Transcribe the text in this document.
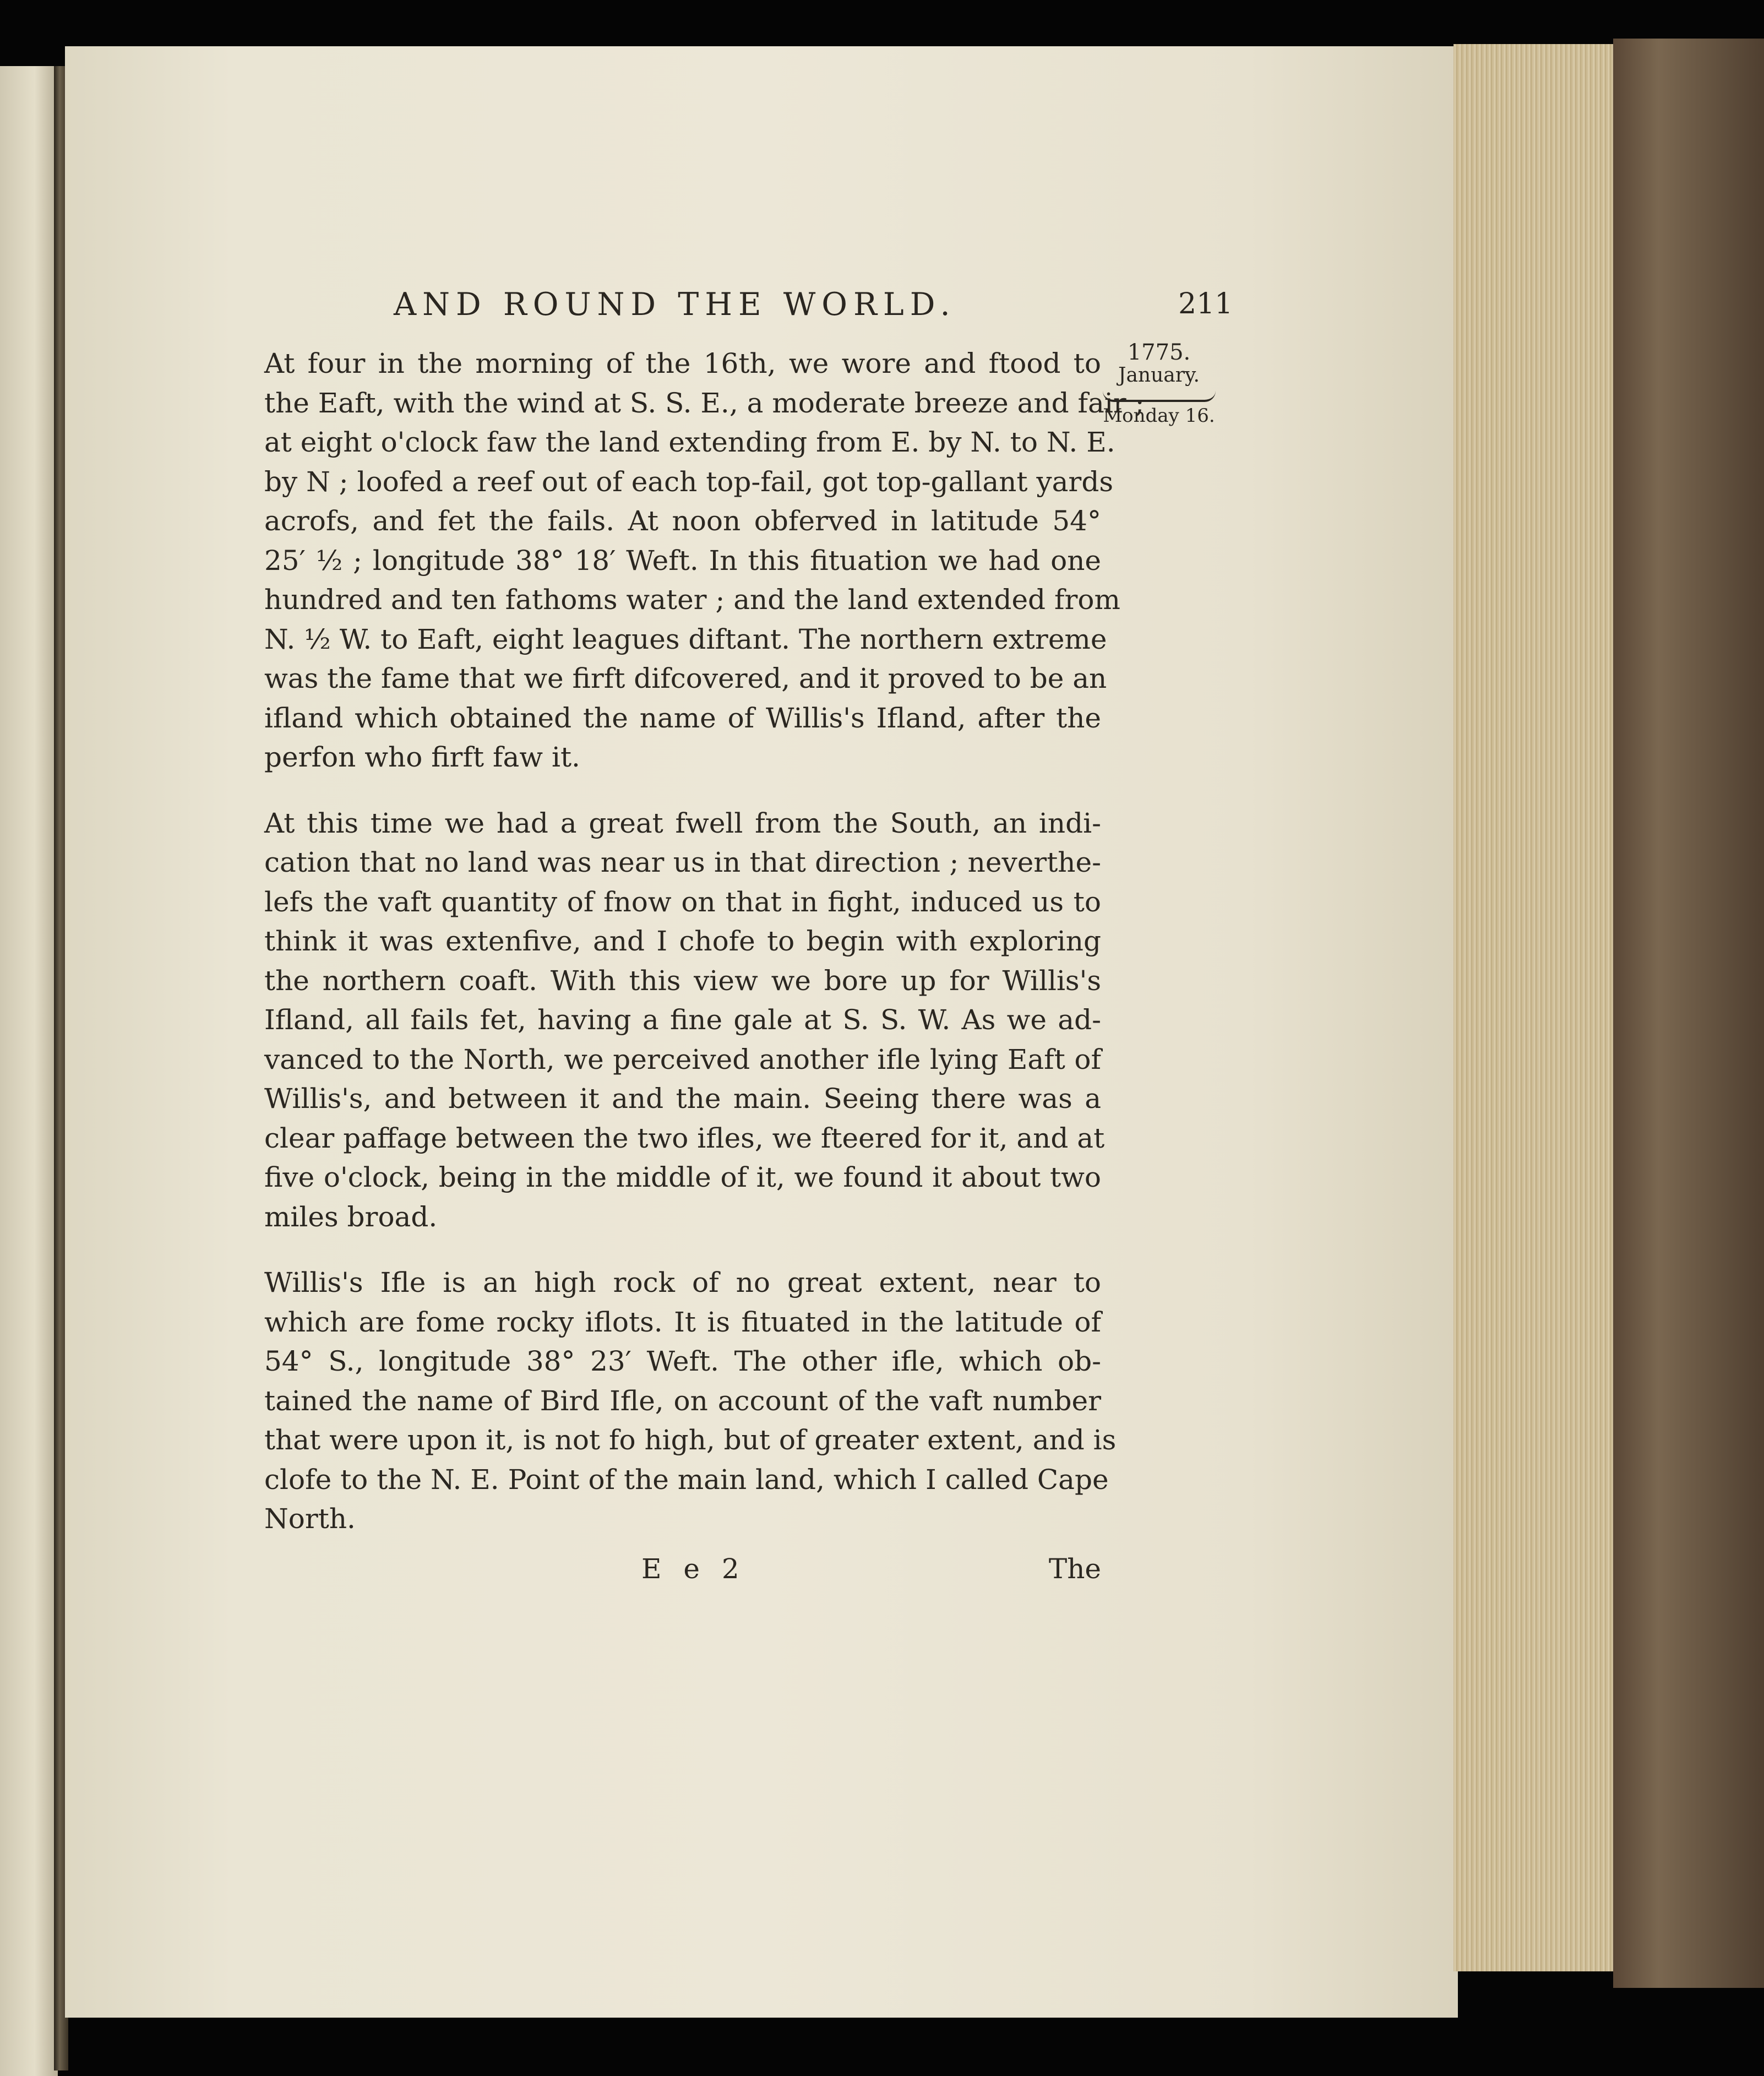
AND ROUND THE WORLD.	211
1775.
January.
Monday 16.
At four in the morning of the 16th, we wore and ftood to
the Eaft, with the wind at S. S. E., a moderate breeze and fair ;
at eight o'clock faw the land extending from E. by N. to N. E.
by N ; loofed a reef out of each top-fail, got top-gallant yards
acrofs, and fet the fails. At noon obferved in latitude 54°
25′ ½ ; longitude 38° 18′ Weft. In this fituation we had one
hundred and ten fathoms water ; and the land extended from
N. ½ W. to Eaft, eight leagues diftant. The northern extreme
was the fame that we firft difcovered, and it proved to be an
ifland which obtained the name of Willis's Ifland, after the
perfon who firft faw it.
At this time we had a great fwell from the South, an indi-
cation that no land was near us in that direction ; neverthe-
lefs the vaft quantity of fnow on that in fight, induced us to
think it was extenfive, and I chofe to begin with exploring
the northern coaft. With this view we bore up for Willis's
Ifland, all fails fet, having a fine gale at S. S. W. As we ad-
vanced to the North, we perceived another ifle lying Eaft of
Willis's, and between it and the main. Seeing there was a
clear paffage between the two ifles, we fteered for it, and at
five o'clock, being in the middle of it, we found it about two
miles broad.
Willis's Ifle is an high rock of no great extent, near to
which are fome rocky iflots. It is fituated in the latitude of
54° S., longitude 38° 23′ Weft. The other ifle, which ob-
tained the name of Bird Ifle, on account of the vaft number
that were upon it, is not fo high, but of greater extent, and is
clofe to the N. E. Point of the main land, which I called Cape
North.
E e 2	The
